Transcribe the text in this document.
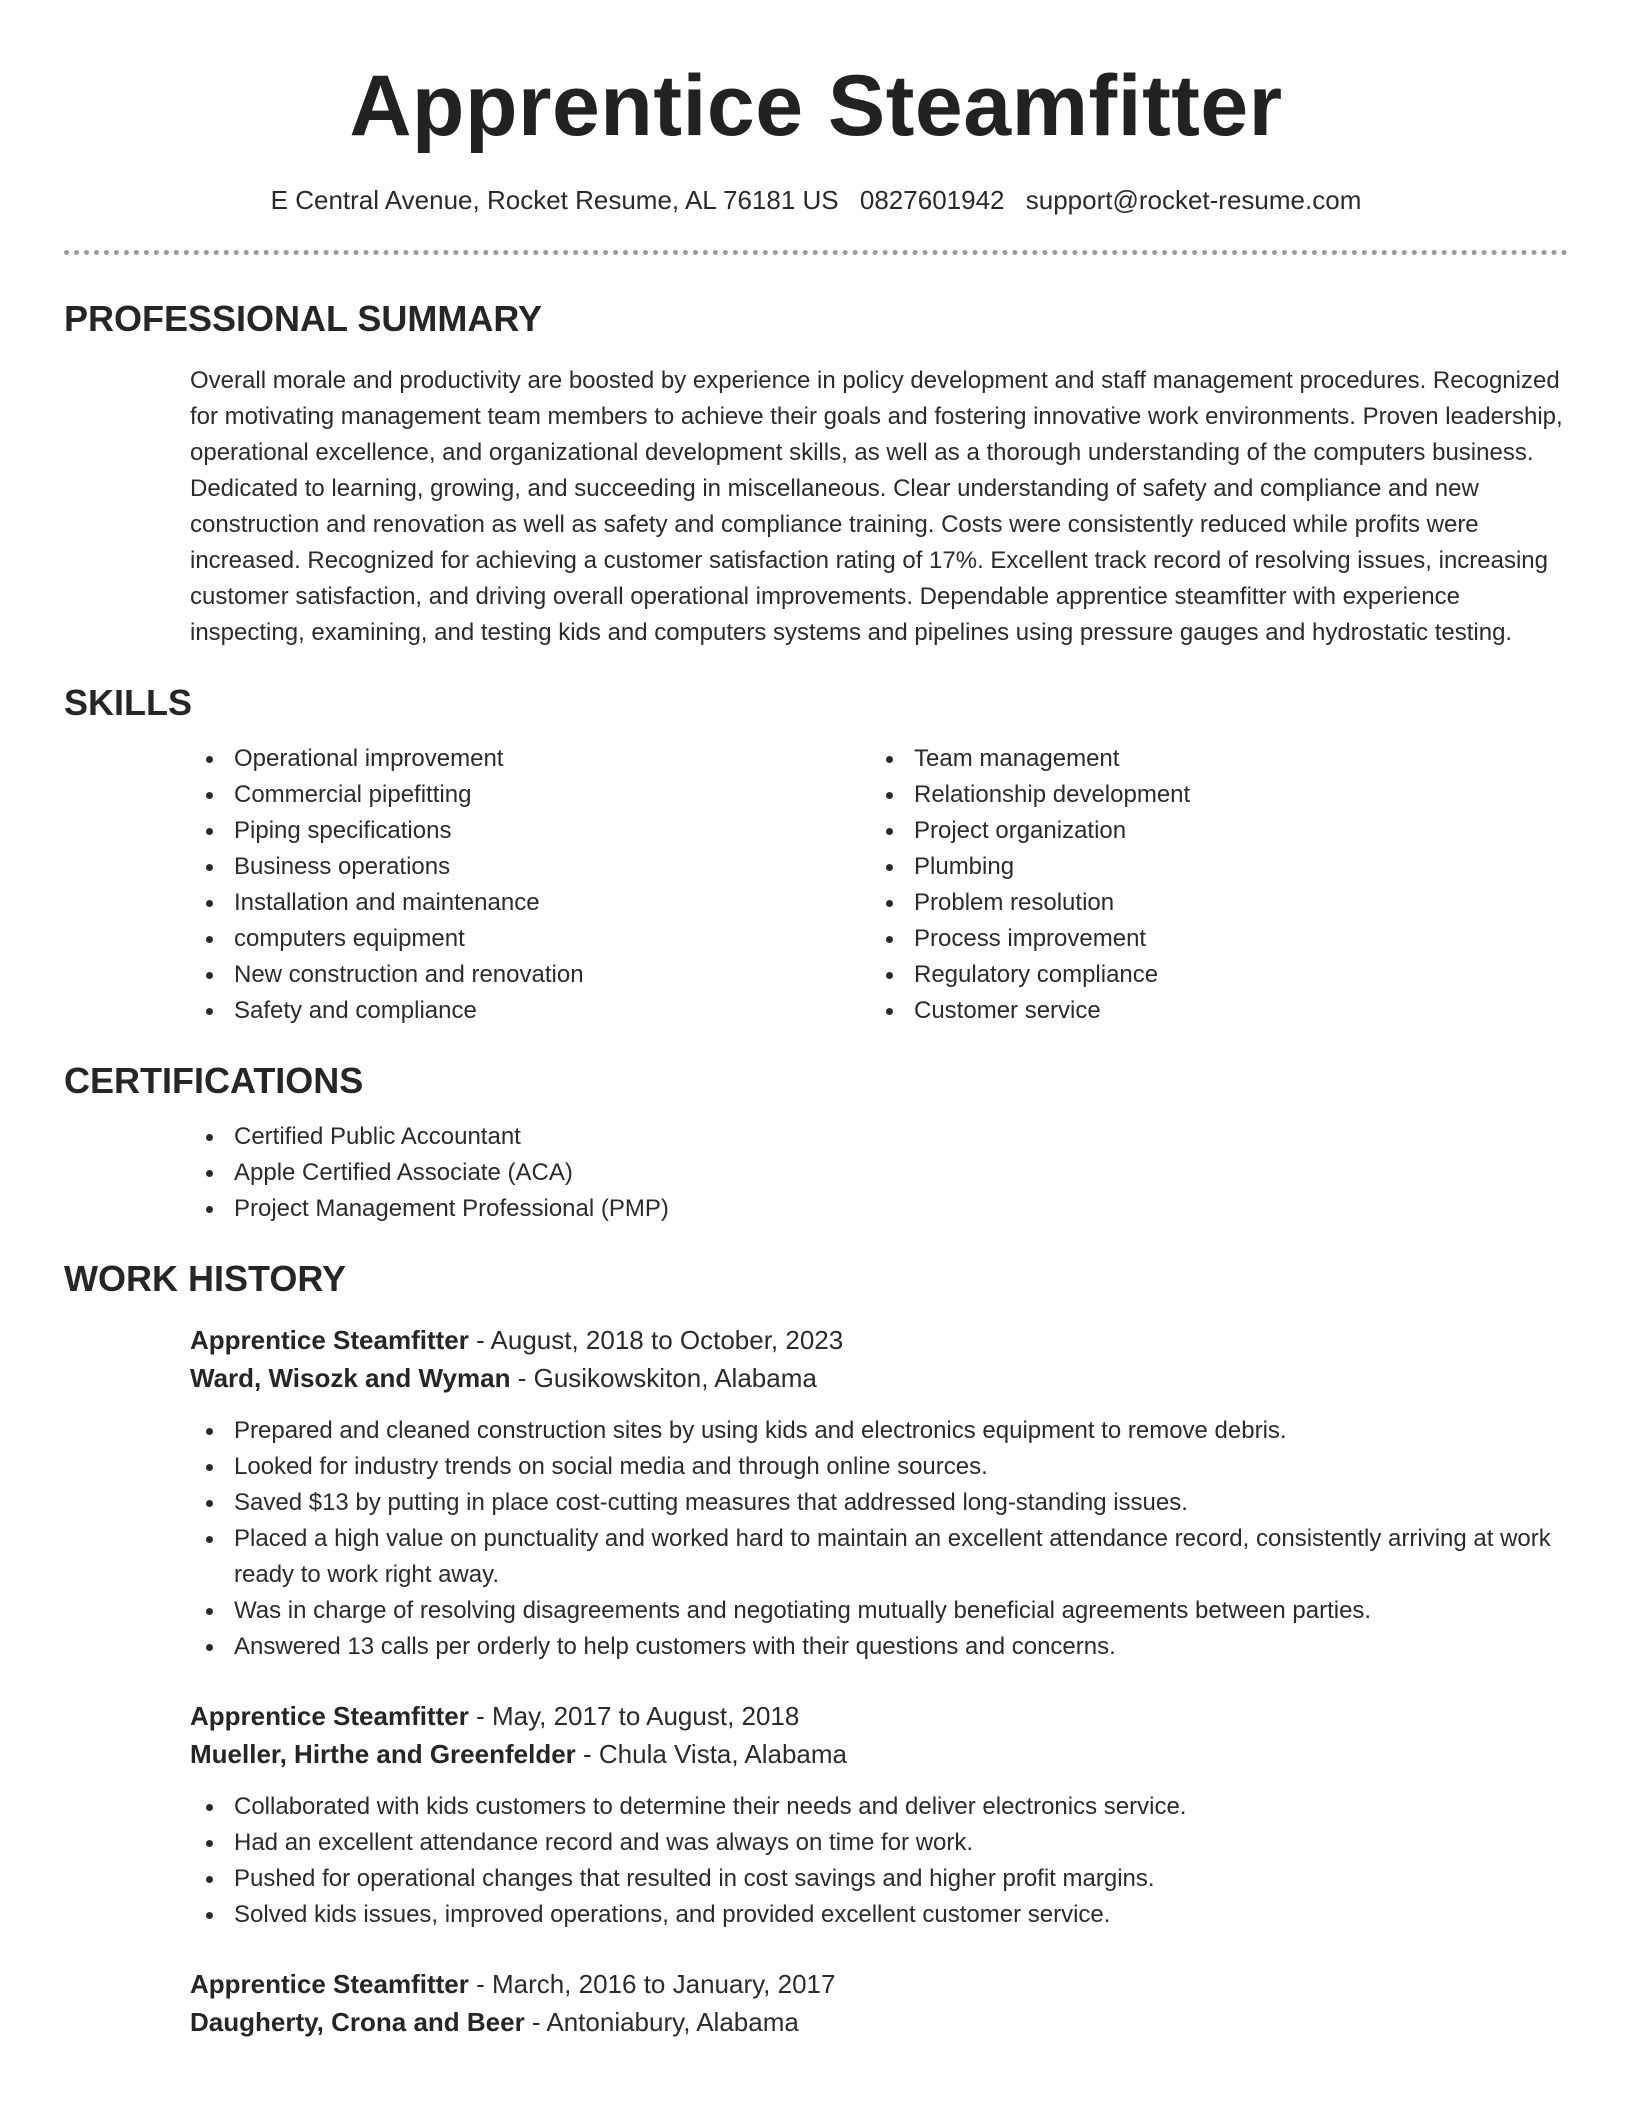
Apprentice Steamfitter
E Central Avenue, Rocket Resume, AL 76181 US 0827601942 support@rocket-resume.com
PROFESSIONAL SUMMARY

Overall morale and productivity are boosted by experience in policy development and staff management procedures. Recognized for motivating management team members to achieve their goals and fostering innovative work environments. Proven leadership, operational excellence, and organizational development skills, as well as a thorough understanding of the computers business. Dedicated to learning, growing, and succeeding in miscellaneous. Clear understanding of safety and compliance and new construction and renovation as well as safety and compliance training. Costs were consistently reduced while profits were increased. Recognized for achieving a customer satisfaction rating of 17%. Excellent track record of resolving issues, increasing customer satisfaction, and driving overall operational improvements. Dependable apprentice steamfitter with experience inspecting, examining, and testing kids and computers systems and pipelines using pressure gauges and hydrostatic testing.

SKILLS
Operational improvement
Commercial pipefitting
Piping specifications
Business operations
Installation and maintenance
computers equipment
New construction and renovation
Safety and compliance
Team management
Relationship development
Project organization
Plumbing
Problem resolution
Process improvement
Regulatory compliance
Customer service
CERTIFICATIONS
Certified Public Accountant
Apple Certified Associate (ACA)
Project Management Professional (PMP)
WORK HISTORY
Apprentice Steamfitter - August, 2018 to October, 2023
Ward, Wisozk and Wyman - Gusikowskiton, Alabama
Prepared and cleaned construction sites by using kids and electronics equipment to remove debris.
Looked for industry trends on social media and through online sources.
Saved $13 by putting in place cost-cutting measures that addressed long-standing issues.
Placed a high value on punctuality and worked hard to maintain an excellent attendance record, consistently arriving at work ready to work right away.
Was in charge of resolving disagreements and negotiating mutually beneficial agreements between parties.
Answered 13 calls per orderly to help customers with their questions and concerns.
Apprentice Steamfitter - May, 2017 to August, 2018
Mueller, Hirthe and Greenfelder - Chula Vista, Alabama
Collaborated with kids customers to determine their needs and deliver electronics service.
Had an excellent attendance record and was always on time for work.
Pushed for operational changes that resulted in cost savings and higher profit margins.
Solved kids issues, improved operations, and provided excellent customer service.
Apprentice Steamfitter - March, 2016 to January, 2017
Daugherty, Crona and Beer - Antoniabury, Alabama
